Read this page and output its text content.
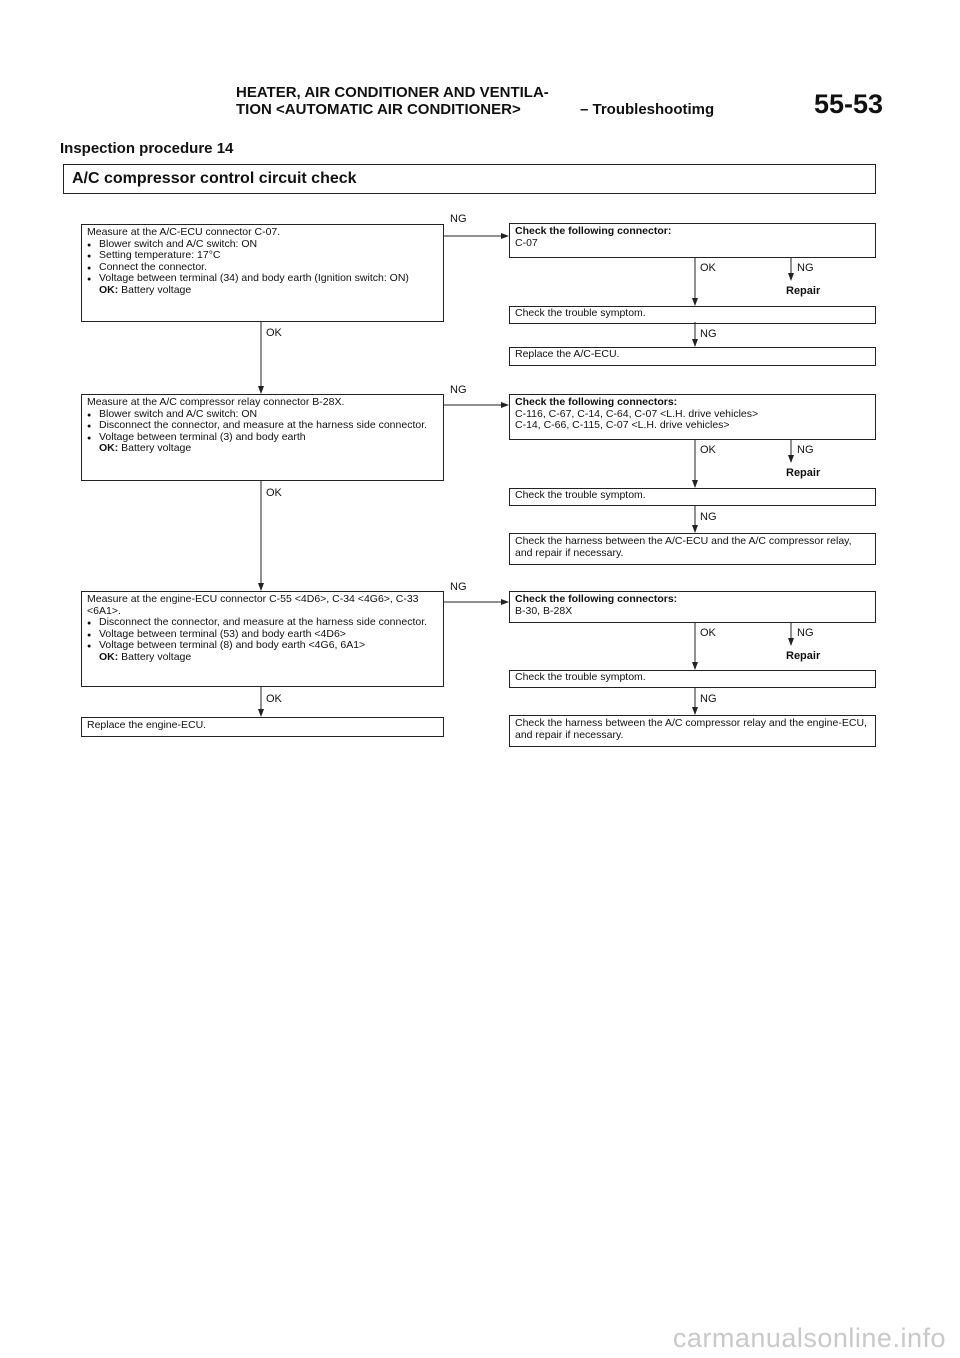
HEATER, AIR CONDITIONER AND VENTILA-
TION <AUTOMATIC AIR CONDITIONER>	– Troubleshootimg	55-53
Inspection procedure 14
A/C compressor control circuit check
Measure at the A/C-ECU connector C-07.
● Blower switch and A/C switch: ON
● Setting temperature: 17°C
● Connect the connector.
● Voltage between terminal (34) and body earth (Ignition switch: ON)
OK: Battery voltage
OK
NG
Measure at the A/C compressor relay connector B-28X.
● Blower switch and A/C switch: ON
● Disconnect the connector, and measure at the harness side connector.
● Voltage between terminal (3) and body earth
OK: Battery voltage
OK
NG
Measure at the engine-ECU connector C-55 <4D6>, C-34 <4G6>, C-33 <6A1>.
● Disconnect the connector, and measure at the harness side connector.
● Voltage between terminal (53) and body earth <4D6>
● Voltage between terminal (8) and body earth <4G6, 6A1>
OK: Battery voltage
OK
NG
Replace the engine-ECU.
Check the following connector:
C-07
OK	NG
Repair
Check the trouble symptom.
NG
Replace the A/C-ECU.
Check the following connectors:
C-116, C-67, C-14, C-64, C-07 <L.H. drive vehicles>
C-14, C-66, C-115, C-07 <L.H. drive vehicles>
OK	NG
Repair
Check the trouble symptom.
NG
Check the harness between the A/C-ECU and the A/C compressor relay, and repair if necessary.
Check the following connectors:
B-30, B-28X
OK	NG
Repair
Check the trouble symptom.
NG
Check the harness between the A/C compressor relay and the engine-ECU, and repair if necessary.
carmanualsonline.info
